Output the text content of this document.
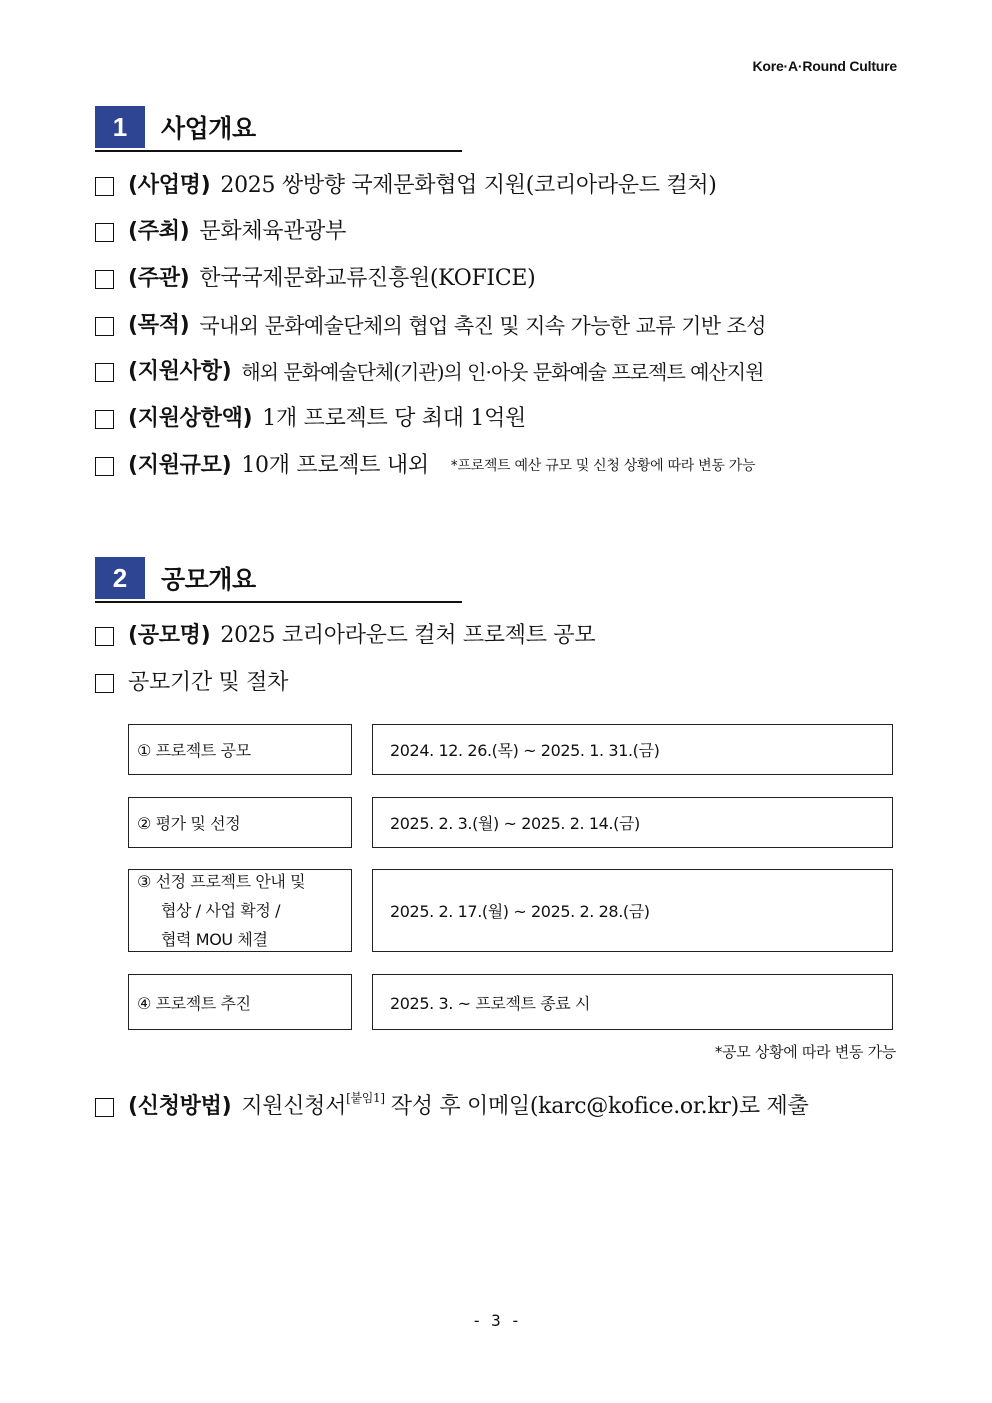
Kore·A·Round Culture
1	사업개요
(사업명) 2025 쌍방향 국제문화협업 지원(코리아라운드 컬처)
(주최) 문화체육관광부
(주관) 한국국제문화교류진흥원(KOFICE)
(목적) 국내외 문화예술단체의 협업 촉진 및 지속 가능한 교류 기반 조성
(지원사항) 해외 문화예술단체(기관)의 인·아웃 문화예술 프로젝트 예산지원
(지원상한액) 1개 프로젝트 당 최대 1억원
(지원규모) 10개 프로젝트 내외 *프로젝트 예산 규모 및 신청 상황에 따라 변동 가능
2	공모개요
(공모명) 2025 코리아라운드 컬처 프로젝트 공모
공모기간 및 절차
① 프로젝트 공모	2024. 12. 26.(목) ~ 2025. 1. 31.(금)
② 평가 및 선정	2025. 2. 3.(월) ~ 2025. 2. 14.(금)
③ 선정 프로젝트 안내 및
협상 / 사업 확정 /
협력 MOU 체결
2025. 2. 17.(월) ~ 2025. 2. 28.(금)
④ 프로젝트 추진	2025. 3. ~ 프로젝트 종료 시
*공모 상황에 따라 변동 가능
(신청방법) 지원신청서 [붙임1] 작성 후 이메일(karc@kofice.or.kr)로 제출
- 3 -
